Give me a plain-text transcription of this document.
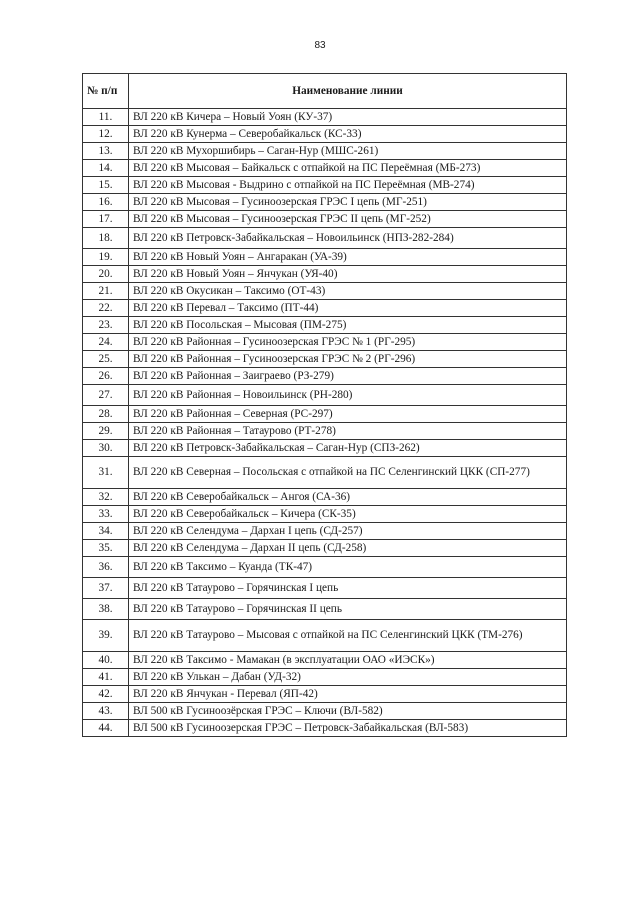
83
№ п/п	Наименование линии
11.	ВЛ 220 кВ Кичера – Новый Уоян (КУ-37)
12.	ВЛ 220 кВ Кунерма – Северобайкальск (КС-33)
13.	ВЛ 220 кВ Мухоршибирь – Саган-Нур (МШС-261)
14.	ВЛ 220 кВ Мысовая – Байкальск с отпайкой на ПС Переёмная (МБ-273)
15.	ВЛ 220 кВ Мысовая - Выдрино с отпайкой на ПС Переёмная (МВ-274)
16.	ВЛ 220 кВ Мысовая – Гусиноозерская ГРЭС I цепь (МГ-251)
17.	ВЛ 220 кВ Мысовая – Гусиноозерская ГРЭС II цепь (МГ-252)
18.	ВЛ 220 кВ Петровск-Забайкальская – Новоильинск (НПЗ-282-284)
19.	ВЛ 220 кВ Новый Уоян – Ангаракан (УА-39)
20.	ВЛ 220 кВ Новый Уоян – Янчукан (УЯ-40)
21.	ВЛ 220 кВ Окусикан – Таксимо (ОТ-43)
22.	ВЛ 220 кВ Перевал – Таксимо (ПТ-44)
23.	ВЛ 220 кВ Посольская – Мысовая (ПМ-275)
24.	ВЛ 220 кВ Районная – Гусиноозерская ГРЭС № 1 (РГ-295)
25.	ВЛ 220 кВ Районная – Гусиноозерская ГРЭС № 2 (РГ-296)
26.	ВЛ 220 кВ Районная – Заиграево (РЗ-279)
27.	ВЛ 220 кВ Районная – Новоильинск (РН-280)
28.	ВЛ 220 кВ Районная – Северная (РС-297)
29.	ВЛ 220 кВ Районная – Татаурово (РТ-278)
30.	ВЛ 220 кВ Петровск-Забайкальская – Саган-Нур (СПЗ-262)
31.	ВЛ 220 кВ Северная – Посольская с отпайкой на ПС Селенгинский ЦКК (СП-277)
32.	ВЛ 220 кВ Северобайкальск – Ангоя (СА-36)
33.	ВЛ 220 кВ Северобайкальск – Кичера (СК-35)
34.	ВЛ 220 кВ Селендума – Дархан I цепь (СД-257)
35.	ВЛ 220 кВ Селендума – Дархан II цепь (СД-258)
36.	ВЛ 220 кВ Таксимо – Куанда (ТК-47)
37.	ВЛ 220 кВ Татаурово – Горячинская I цепь
38.	ВЛ 220 кВ Татаурово – Горячинская II цепь
39.	ВЛ 220 кВ Татаурово – Мысовая с отпайкой на ПС Селенгинский ЦКК (ТМ-276)
40.	ВЛ 220 кВ Таксимо - Мамакан (в эксплуатации ОАО «ИЭСК»)
41.	ВЛ 220 кВ Улькан – Дабан (УД-32)
42.	ВЛ 220 кВ Янчукан - Перевал (ЯП-42)
43.	ВЛ 500 кВ Гусиноозёрская ГРЭС – Ключи (ВЛ-582)
44.	ВЛ 500 кВ Гусиноозерская ГРЭС – Петровск-Забайкальская (ВЛ-583)
